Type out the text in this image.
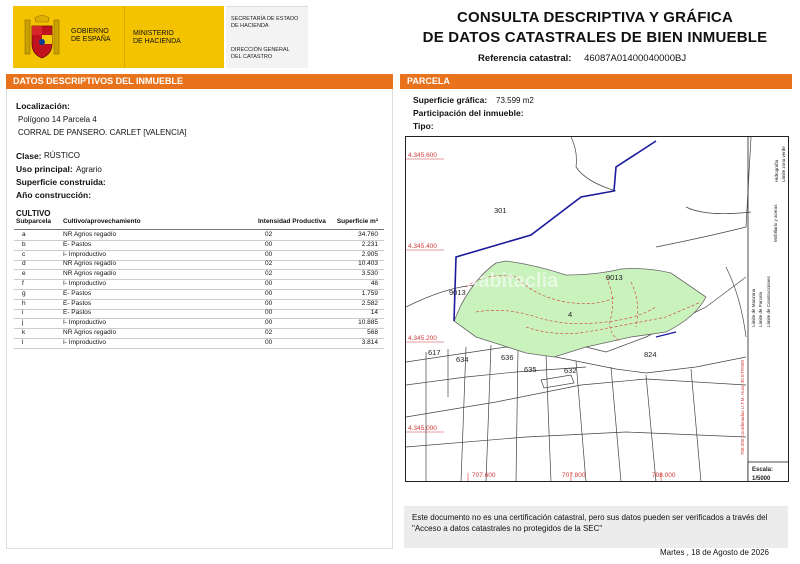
GOBIERNO
DE ESPAÑA
MINISTERIO
DE HACIENDA
SECRETARÍA DE ESTADO
DE HACIENDA
DIRECCIÓN GENERAL
DEL CATASTRO
CONSULTA DESCRIPTIVA Y GRÁFICA
DE DATOS CATASTRALES DE BIEN INMUEBLE
Referencia catastral: 46087A01400040000BJ
DATOS DESCRIPTIVOS DEL INMUEBLE
Localización:
Polígono 14 Parcela 4
CORRAL DE PANSERO. CARLET [VALENCIA]
Clase: RÚSTICO
Uso principal: Agrario
Superficie construida:
Año construcción:
CULTIVO
Subparcela Cultivo/aprovechamiento	Intensidad Productiva Superficie m²
a	NR Agrios regadío	02	34.760
b	E- Pastos	00	2.231
c	I- Improductivo	00	2.905
d	NR Agrios regadío	02	10.403
e	NR Agrios regadío	02	3.530
f	I- Improductivo	00	48
g	E- Pastos	00	1.759
h	E- Pastos	00	2.582
i	E- Pastos	00	14
j	I- Improductivo	00	10.885
k	NR Agrios regadío	02	568
l	I- Improductivo	00	3.814
PARCELA
Superficie gráfica: 73.599 m2
Participación del inmueble:
Tipo:
4.345.600
4.345.400
4.345.200
4.345.000
707.600	707.800	708.000
301
9013
9013
4
617
634	636
635	632
824
habitaclia
Límite de Manzana Límite de Parcela Límite de Construcciones
Mobiliario y aceras
Límite zona verde
Hidrografía
708.200 Coordenadas U.T.M. Huso 30 ETRS89
Escala:
1/5000
Este documento no es una certificación catastral, pero sus datos pueden ser verificados a través del "Acceso a datos catastrales no protegidos de la SEC"
Martes , 18 de Agosto de 2026
